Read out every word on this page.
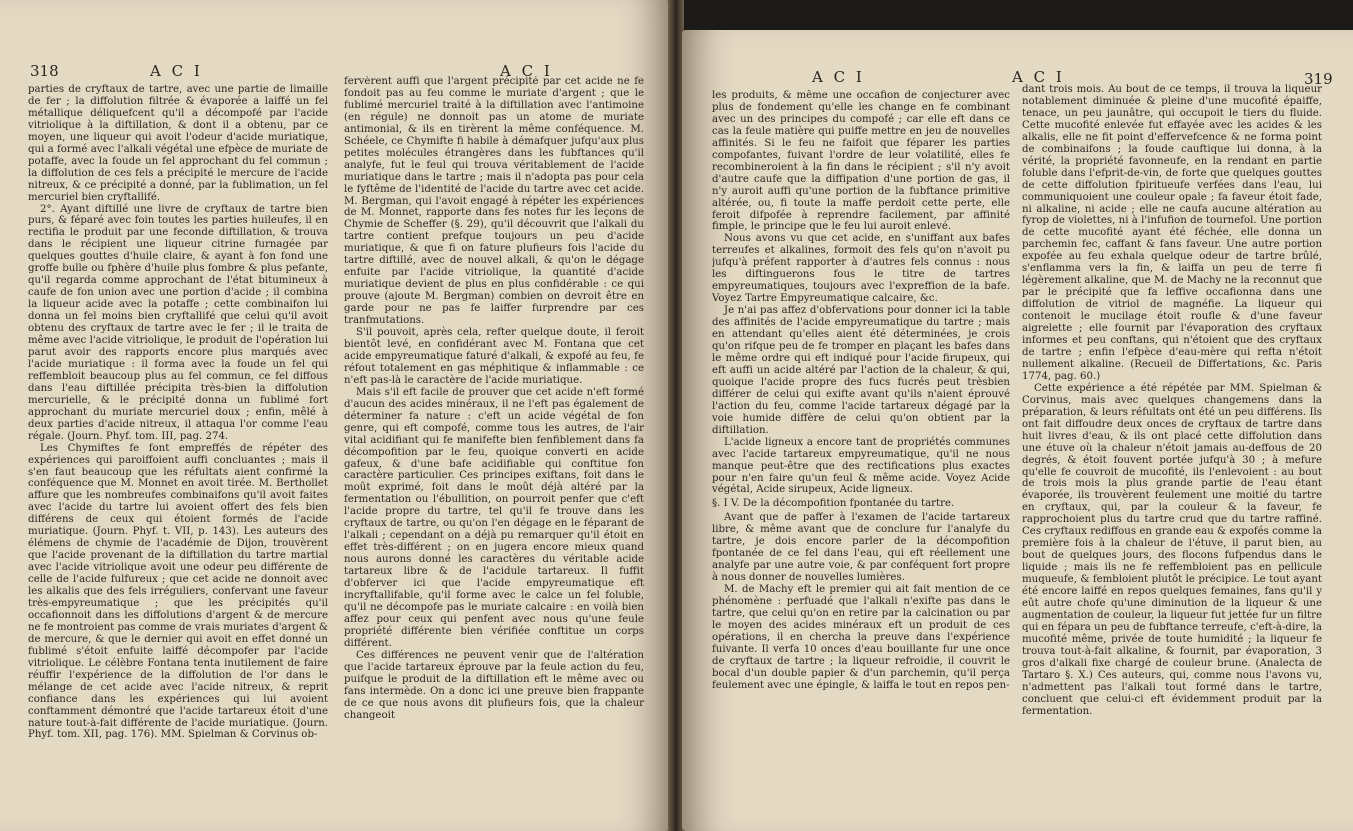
318	A C I	A C I

parties de cryftaux de tartre, avec une partie de limaille de fer ; la diffolution filtrée & évaporée a laiffé un fel métallique déliquefcent qu'il a décompofé par l'acide vitriolique à la diftillation, & dont il a obtenu, par ce moyen, une liqueur qui avoit l'odeur d'acide muriatique, qui a formé avec l'alkali végétal une efpèce de muriate de potaffe, avec la foude un fel approchant du fel commun ; la diffolution de ces fels a précipité le mercure de l'acide nitreux, & ce précipité a donné, par la fublimation, un fel mercuriel bien cryftallifé.

2°. Ayant diftillé une livre de cryftaux de tartre bien purs, & féparé avec foin toutes les parties huileufes, il en rectifia le produit par une feconde diftillation, & trouva dans le récipient une liqueur citrine furnagée par quelques gouttes d'huile claire, & ayant à fon fond une groffe bulle ou fphère d'huile plus fombre & plus pefante, qu'il regarda comme approchant de l'état bitumineux à caufe de fon union avec une portion d'acide ; il combina la liqueur acide avec la potaffe ; cette combinaifon lui donna un fel moins bien cryftallifé que celui qu'il avoit obtenu des cryftaux de tartre avec le fer ; il le traita de même avec l'acide vitriolique, le produit de l'opération lui parut avoir des rapports encore plus marqués avec l'acide muriatique : il forma avec la foude un fel qui reffembloit beaucoup plus au fel commun, ce fel diffous dans l'eau diftillée précipita très-bien la diffolution mercurielle, & le précipité donna un fublimé fort approchant du muriate mercuriel doux ; enfin, mêlé à deux parties d'acide nitreux, il attaqua l'or comme l'eau régale. (Journ. Phyf. tom. III, pag. 274.

Les Chymiftes fe font empreffés de répéter des expériences qui paroiffoient auffi concluantes ; mais il s'en faut beaucoup que les réfultats aient confirmé la conféquence que M. Monnet en avoit tirée. M. Berthollet affure que les nombreufes combinaifons qu'il avoit faites avec l'acide du tartre lui avoient offert des fels bien différens de ceux qui étoient formés de l'acide muriatique. (Journ. Phyf. t. VII, p. 143). Les auteurs des élémens de chymie de l'académie de Dijon, trouvèrent que l'acide provenant de la diftillation du tartre martial avec l'acide vitriolique avoit une odeur peu différente de celle de l'acide fulfureux ; que cet acide ne donnoit avec les alkalis que des fels irréguliers, confervant une faveur très-empyreumatique ; que les précipités qu'il occafionnoit dans les diffolutions d'argent & de mercure ne fe montroient pas comme de vrais muriates d'argent & de mercure, & que le dernier qui avoit en effet donné un fublimé s'étoit enfuite laiffé décompofer par l'acide vitriolique. Le célèbre Fontana tenta inutilement de faire réuffir l'expérience de la diffolution de l'or dans le mélange de cet acide avec l'acide nitreux, & reprit confiance dans les expériences qui lui avoient conftamment démontré que l'acide tartareux étoit d'une nature tout-à-fait différente de l'acide muriatique. (Journ. Phyf. tom. XII, pag. 176). MM. Spielman & Corvinus ob-

fervèrent auffi que l'argent précipité par cet acide ne fe fondoit pas au feu comme le muriate d'argent ; que le fublimé mercuriel traité à la diftillation avec l'antimoine (en régule) ne donnoit pas un atome de muriate antimonial, & ils en tirèrent la même conféquence. M. Schéele, ce Chymifte fi habile à démafquer jufqu'aux plus petites molécules étrangères dans les fubftances qu'il analyfe, fut le feul qui trouva véritablement de l'acide muriatique dans le tartre ; mais il n'adopta pas pour cela le fyftême de l'identité de l'acide du tartre avec cet acide. M. Bergman, qui l'avoit engagé à répéter les expériences de M. Monnet, rapporte dans fes notes fur les leçons de Chymie de Scheffer (§. 29), qu'il découvrit que l'alkali du tartre contient prefque toujours un peu d'acide muriatique, & que fi on fature plufieurs fois l'acide du tartre diftillé, avec de nouvel alkali, & qu'on le dégage enfuite par l'acide vitriolique, la quantité d'acide muriatique devient de plus en plus confidérable : ce qui prouve (ajoute M. Bergman) combien on devroit être en garde pour ne pas fe laiffer furprendre par ces tranfmutations.

S'il pouvoit, après cela, refter quelque doute, il feroit bientôt levé, en confidérant avec M. Fontana que cet acide empyreumatique faturé d'alkali, & expofé au feu, fe réfout totalement en gas méphitique & inflammable : ce n'eft pas-là le caractère de l'acide muriatique.

Mais s'il eft facile de prouver que cet acide n'eft formé d'aucun des acides minéraux, il ne l'eft pas également de déterminer fa nature : c'eft un acide végétal de fon genre, qui eft compofé, comme tous les autres, de l'air vital acidifiant qui fe manifefte bien fenfiblement dans fa décompofition par le feu, quoique converti en acide gafeux, & d'une bafe acidifiable qui conftitue fon caractère particulier. Ces principes exiftans, foit dans le moût exprimé, foit dans le moût déjà altéré par la fermentation ou l'ébullition, on pourroit penfer que c'eft l'acide propre du tartre, tel qu'il fe trouve dans les cryftaux de tartre, ou qu'on l'en dégage en le féparant de l'alkali ; cependant on a déjà pu remarquer qu'il étoit en effet très-différent ; on en jugera encore mieux quand nous aurons donné les caractères du véritable acide tartareux libre & de l'acidule tartareux. Il fuffit d'obferver ici que l'acide empyreumatique eft incryftallifable, qu'il forme avec le calce un fel foluble, qu'il ne décompofe pas le muriate calcaire : en voilà bien affez pour ceux qui penfent avec nous qu'une feule propriété différente bien vérifiée conftitue un corps différent.

Ces différences ne peuvent venir que de l'altération que l'acide tartareux éprouve par la feule action du feu, puifque le produit de la diftillation eft le même avec ou fans intermède. On a donc ici une preuve bien frappante de ce que nous avons dit plufieurs fois, que la chaleur changeoit

A C I	A C I	319

les produits, & même une occafion de conjecturer avec plus de fondement qu'elle les change en fe combinant avec un des principes du compofé ; car elle eft dans ce cas la feule matière qui puiffe mettre en jeu de nouvelles affinités. Si le feu ne faifoit que féparer les parties compofantes, fuivant l'ordre de leur volatilité, elles fe recombineroient à la fin dans le récipient ; s'il n'y avoit d'autre caufe que la diffipation d'une portion de gas, il n'y auroit auffi qu'une portion de la fubftance primitive altérée, ou, fi toute la maffe perdoit cette perte, elle feroit difpofée à reprendre facilement, par affinité fimple, le principe que le feu lui auroit enlevé.

Nous avons vu que cet acide, en s'uniffant aux bafes terreufes et alkalines, formoit des fels qu'on n'avoit pu jufqu'à préfent rapporter à d'autres fels connus : nous les diftinguerons fous le titre de tartres empyreumatiques, toujours avec l'expreffion de la bafe. Voyez Tartre Empyreumatique calcaire, &c.

Je n'ai pas affez d'obfervations pour donner ici la table des affinités de l'acide empyreumatique du tartre ; mais en attendant qu'elles aient été déterminées, je crois qu'on rifque peu de fe tromper en plaçant les bafes dans le même ordre qui eft indiqué pour l'acide firupeux, qui eft auffi un acide altéré par l'action de la chaleur, & qui, quoique l'acide propre des fucs fucrés peut trèsbien différer de celui qui exifte avant qu'ils n'aient éprouvé l'action du feu, comme l'acide tartareux dégagé par la voie humide diffère de celui qu'on obtient par la diftillation.

L'acide ligneux a encore tant de propriétés communes avec l'acide tartareux empyreumatique, qu'il ne nous manque peut-être que des rectifications plus exactes pour n'en faire qu'un feul & même acide. Voyez Acide végétal, Acide sirupeux, Acide ligneux.

§. I V. De la décompofition fpontanée du tartre.

Avant que de paffer à l'examen de l'acide tartareux libre, & même avant que de conclure fur l'analyfe du tartre, je dois encore parler de la décompofition fpontanée de ce fel dans l'eau, qui eft réellement une analyfe par une autre voie, & par conféquent fort propre à nous donner de nouvelles lumières.

M. de Machy eft le premier qui ait fait mention de ce phénomène : perfuadé que l'alkali n'exifte pas dans le tartre, que celui qu'on en retire par la calcination ou par le moyen des acides minéraux eft un produit de ces opérations, il en chercha la preuve dans l'expérience fuivante. Il verfa 10 onces d'eau bouillante fur une once de cryftaux de tartre ; la liqueur refroidie, il couvrit le bocal d'un double papier & d'un parchemin, qu'il perça feulement avec une épingle, & laiffa le tout en repos pen-

dant trois mois. Au bout de ce temps, il trouva la liqueur notablement diminuée & pleine d'une mucofité épaiffe, tenace, un peu jaunâtre, qui occupoit le tiers du fluide. Cette mucofité enlevée fut effayée avec les acides & les alkalis, elle ne fit point d'effervefcence & ne forma point de combinaifons ; la foude cauftique lui donna, à la vérité, la propriété favonneufe, en la rendant en partie foluble dans l'efprit-de-vin, de forte que quelques gouttes de cette diffolution fpiritueufe verfées dans l'eau, lui communiquoient une couleur opale ; fa faveur étoit fade, ni alkaline, ni acide ; elle ne caufa aucune altération au fyrop de violettes, ni à l'infufion de tournefol. Une portion de cette mucofité ayant été féchée, elle donna un parchemin fec, caffant & fans faveur. Une autre portion expofée au feu exhala quelque odeur de tartre brûlé, s'enflamma vers la fin, & laiffa un peu de terre fi légèrement alkaline, que M. de Machy ne la reconnut que par le précipité que fa leffive occafionna dans une diffolution de vitriol de magnéfie. La liqueur qui contenoit le mucilage étoit roufle & d'une faveur aigrelette ; elle fournit par l'évaporation des cryftaux informes et peu conftans, qui n'étoient que des cryftaux de tartre ; enfin l'efpèce d'eau-mère qui refta n'étoit nullement alkaline. (Recueil de Differtations, &c. Paris 1774, pag. 60.)

Cette expérience a été répétée par MM. Spielman & Corvinus, mais avec quelques changemens dans la préparation, & leurs réfultats ont été un peu différens. Ils ont fait diffoudre deux onces de cryftaux de tartre dans huit livres d'eau, & ils ont placé cette diffolution dans une étuve où la chaleur n'étoit jamais au-deffous de 20 degrés, & étoit fouvent portée jufqu'à 30 ; à mefure qu'elle fe couvroit de mucofité, ils l'enlevoient : au bout de trois mois la plus grande partie de l'eau étant évaporée, ils trouvèrent feulement une moitié du tartre en cryftaux, qui, par la couleur & la faveur, fe rapprochoient plus du tartre crud que du tartre raffiné. Ces cryftaux rediffous en grande eau & expofés comme la première fois à la chaleur de l'étuve, il parut bien, au bout de quelques jours, des flocons fufpendus dans le liquide ; mais ils ne fe reffembloient pas en pellicule muqueufe, & fembloient plutôt le précipice. Le tout ayant été encore laiffé en repos quelques femaines, fans qu'il y eût autre chofe qu'une diminution de la liqueur & une augmentation de couleur, la liqueur fut jettée fur un filtre qui en fépara un peu de fubftance terreufe, c'eft-à-dire, la mucofité même, privée de toute humidité ; la liqueur fe trouva tout-à-fait alkaline, & fournit, par évaporation, 3 gros d'alkali fixe chargé de couleur brune. (Analecta de Tartaro §. X.) Ces auteurs, qui, comme nous l'avons vu, n'admettent pas l'alkali tout formé dans le tartre, concluent que celui-ci eft évidemment produit par la fermentation.
